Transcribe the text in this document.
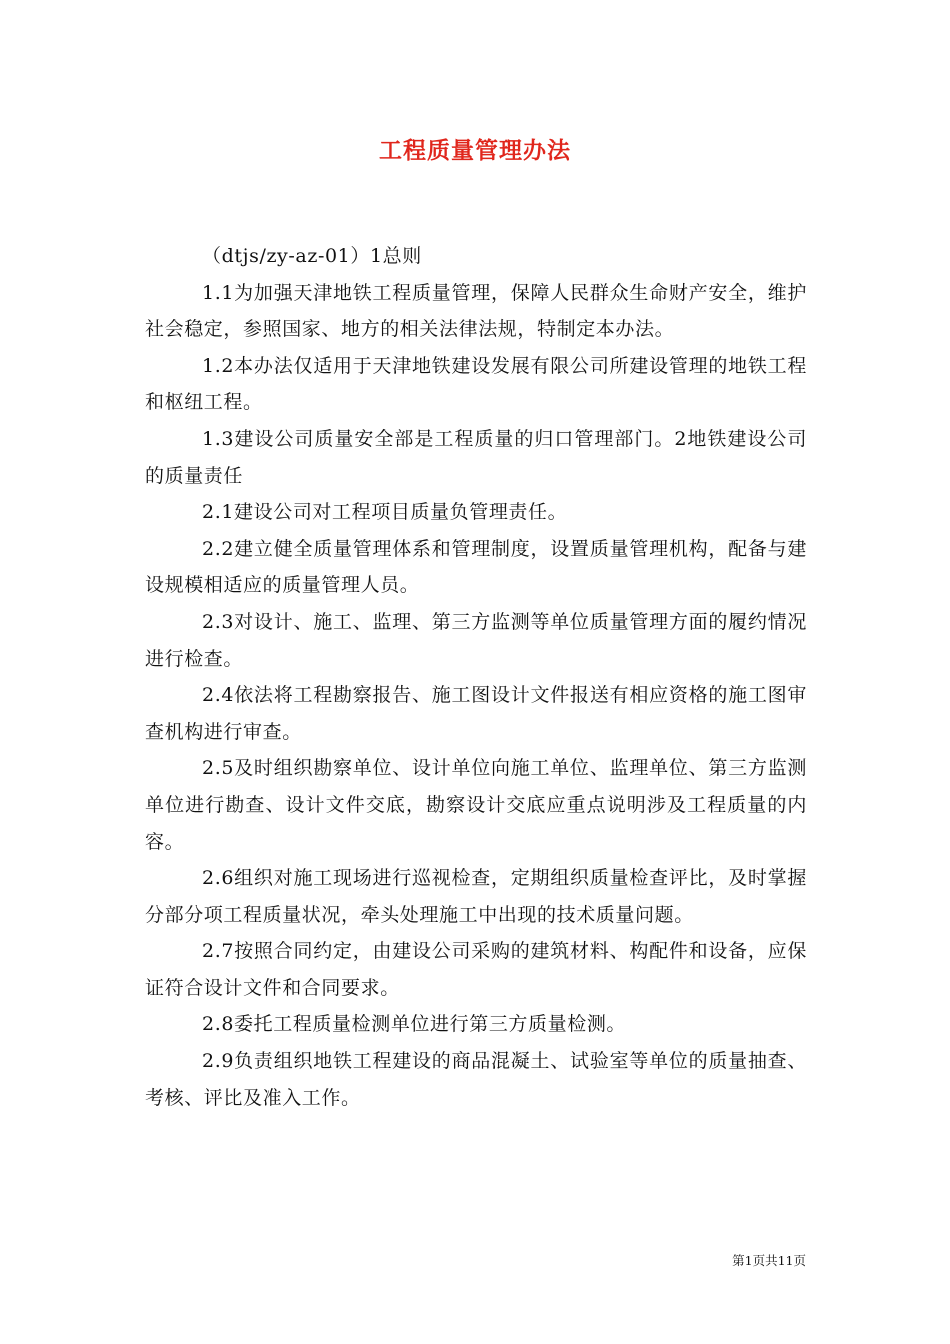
工程质量管理办法

（dtjs/zy-az-01）1总则

1.1为加强天津地铁工程质量管理，保障人民群众生命财产安全，维护社会稳定，参照国家、地方的相关法律法规，特制定本办法。

1.2本办法仅适用于天津地铁建设发展有限公司所建设管理的地铁工程和枢纽工程。

1.3建设公司质量安全部是工程质量的归口管理部门。2地铁建设公司的质量责任

2.1建设公司对工程项目质量负管理责任。

2.2建立健全质量管理体系和管理制度，设置质量管理机构，配备与建设规模相适应的质量管理人员。

2.3对设计、施工、监理、第三方监测等单位质量管理方面的履约情况进行检查。

2.4依法将工程勘察报告、施工图设计文件报送有相应资格的施工图审查机构进行审查。

2.5及时组织勘察单位、设计单位向施工单位、监理单位、第三方监测单位进行勘查、设计文件交底，勘察设计交底应重点说明涉及工程质量的内容。

2.6组织对施工现场进行巡视检查，定期组织质量检查评比，及时掌握分部分项工程质量状况，牵头处理施工中出现的技术质量问题。

2.7按照合同约定，由建设公司采购的建筑材料、构配件和设备，应保证符合设计文件和合同要求。

2.8委托工程质量检测单位进行第三方质量检测。

2.9负责组织地铁工程建设的商品混凝土、试验室等单位的质量抽查、考核、评比及准入工作。

第1页共11页
